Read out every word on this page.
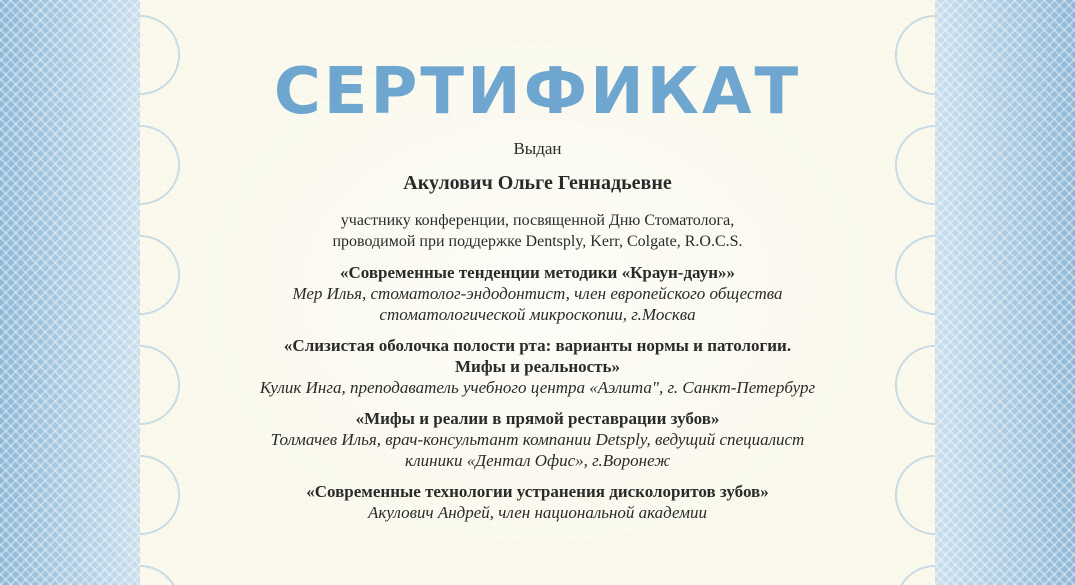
СЕРТИФИКАТ
Выдан
Акулович Ольге Геннадьевне
участнику конференции, посвященной Дню Стоматолога,
проводимой при поддержке Dentsply, Kerr, Colgate, R.O.C.S.
«Современные тенденции методики «Краун-даун»»
Мер Илья, стоматолог-эндодонтист, член европейского общества
стоматологической микроскопии, г.Москва
«Слизистая оболочка полости рта: варианты нормы и патологии.
Мифы и реальность»
Кулик Инга, преподаватель учебного центра «Аэлита", г. Санкт-Петербург
«Мифы и реалии в прямой реставрации зубов»
Толмачев Илья, врач-консультант компании Detsply, ведущий специалист
клиники «Дентал Офис», г.Воронеж
«Современные технологии устранения дисколоритов зубов»
Акулович Андрей, член национальной академии
